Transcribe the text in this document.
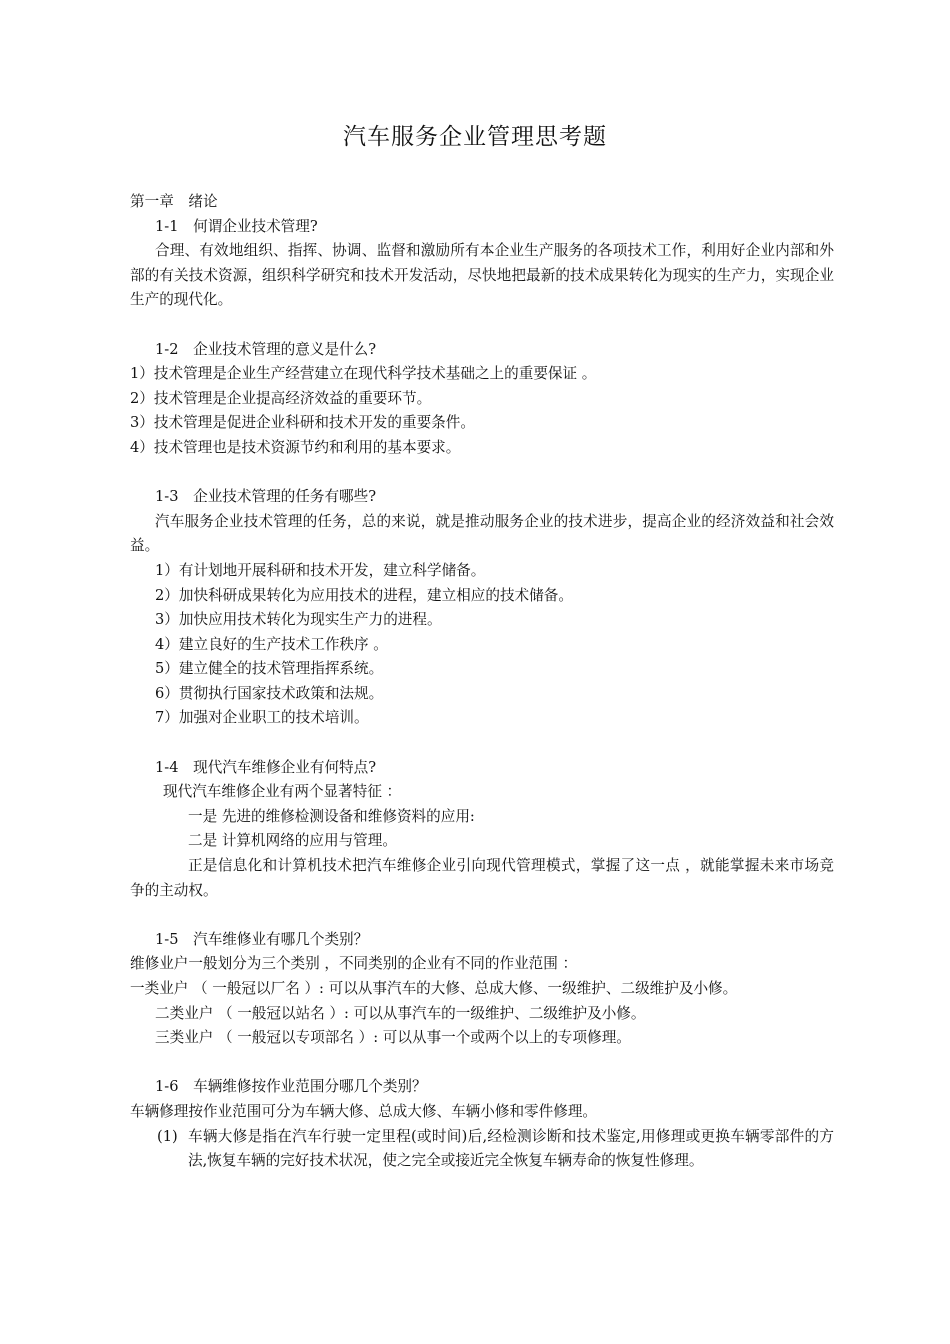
汽车服务企业管理思考题
第一章　绪论
1-1　何谓企业技术管理?
合理、有效地组织、指挥、协调、监督和激励所有本企业生产服务的各项技术工作，利用好企业内部和外部的有关技术资源，组织科学研究和技术开发活动，尽快地把最新的技术成果转化为现实的生产力，实现企业生产的现代化。
1-2　企业技术管理的意义是什么?
1）技术管理是企业生产经营建立在现代科学技术基础之上的重要保证 。
2）技术管理是企业提高经济效益的重要环节。
3）技术管理是促进企业科研和技术开发的重要条件。
4）技术管理也是技术资源节约和利用的基本要求。
1-3　企业技术管理的任务有哪些?
汽车服务企业技术管理的任务，总的来说，就是推动服务企业的技术进步，提高企业的经济效益和社会效益。
1）有计划地开展科研和技术开发，建立科学储备。
2）加快科研成果转化为应用技术的进程，建立相应的技术储备。
3）加快应用技术转化为现实生产力的进程。
4）建立良好的生产技术工作秩序 。
5）建立健全的技术管理指挥系统。
6）贯彻执行国家技术政策和法规。
7）加强对企业职工的技术培训。
1-4　现代汽车维修企业有何特点?
现代汽车维修企业有两个显著特征 ：
一是 先进的维修检测设备和维修资料的应用:
二是 计算机网络的应用与管理。
正是信息化和计算机技术把汽车维修企业引向现代管理模式，掌握了这一点 ，就能掌握未来市场竞争的主动权。
1-5　汽车维修业有哪几个类别？
维修业户一般划分为三个类别 ，不同类别的企业有不同的作业范围 ：
一类业户 （ 一般冠以厂名 ）: 可以从事汽车的大修、总成大修、一级维护、二级维护及小修。
二类业户 （ 一般冠以站名 ）: 可以从事汽车的一级维护、二级维护及小修。
三类业户 （ 一般冠以专项部名 ）: 可以从事一个或两个以上的专项修理。
1-6　车辆维修按作业范围分哪几个类别？
车辆修理按作业范围可分为车辆大修、总成大修、车辆小修和零件修理。
(1) 车辆大修是指在汽车行驶一定里程(或时间)后,经检测诊断和技术鉴定,用修理或更换车辆零部件的方法,恢复车辆的完好技术状况，使之完全或接近完全恢复车辆寿命的恢复性修理。
